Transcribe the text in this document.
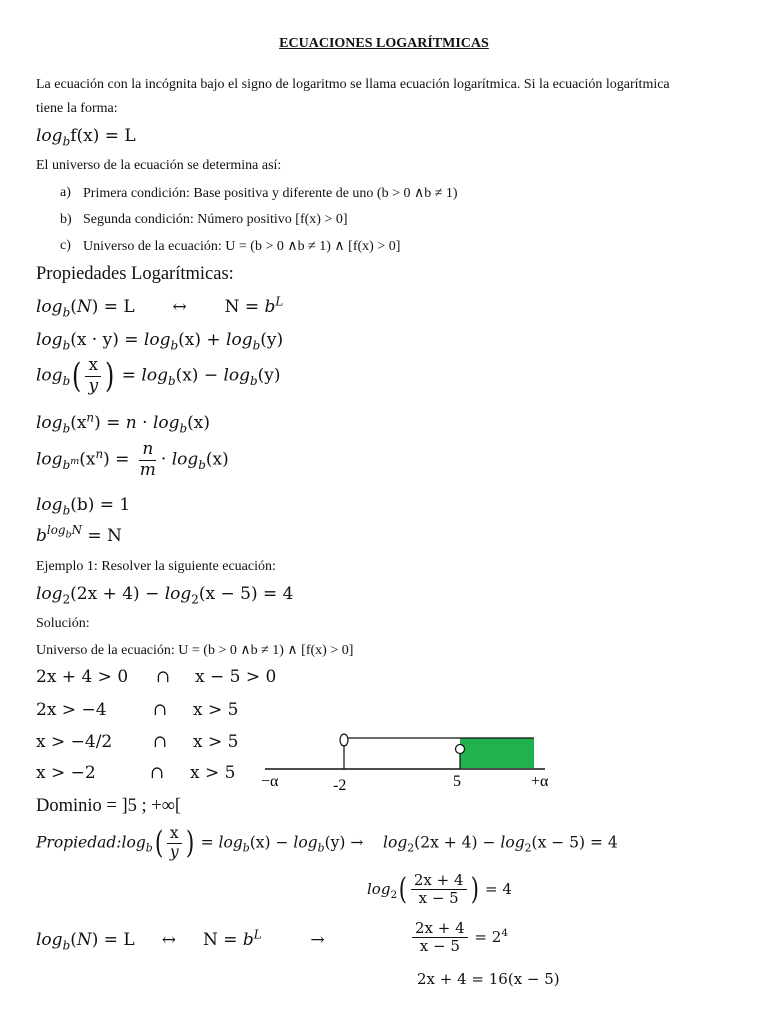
ECUACIONES LOGARÍTMICAS
La ecuación con la incógnita bajo el signo de logaritmo se llama ecuación logarítmica. Si la ecuación logarítmica
tiene la forma:
$\log_bf(x) = L$
El universo de la ecuación se determina así:
a) Primera condición: Base positiva y diferente de uno (b > 0 ∧b ≠ 1)
b) Segunda condición: Número positivo [f(x) > 0]
c) Universo de la ecuación: U = (b > 0 ∧b ≠ 1) ∧ [f(x) > 0]
Propiedades Logarítmicas:
$\log_b(N) = L$       ↔       $N = b^L$
$\log_b(x \cdot y) = \log_b(x) + \log_b(y)$
$\log_b( \frac{x}{y}$ ) = $\log_b(x) - \log_b(y)$
$\log_b(x^n) = n \cdot \log_b(x)$
$\log_{b^m}(x^n) = \frac{n}{m} \cdot \log_b(x)$
$\log_b(b) = 1$
$b^{log_bN} = N$
Ejemplo 1: Resolver la siguiente ecuación:
$\log_2(2x + 4) - \log_2(x - 5) = 4$
Solución:
Universo de la ecuación: U = (b > 0 ∧b ≠ 1) ∧ [f(x) > 0]
2x + 4 > 0 ∩ x − 5 > 0
2x > −4	∩ x > 5
x > −4/2 ∩ x > 5
x > −2	∩ x > 5 −α	-2	5	+α
Dominio = ]5 ; +∞[
$Propiedad:\log_b( \frac{x}{y}$ ) = $\log_b(x) - \log_b(y)$ →    $\log_2(2x + 4) - \log_2(x - 5) = 4$
$\log_2( \frac{2x + 4}{x - 5}$ ) = 4
$\log_b(N) = L$     ↔     $N = b^L$         →	$\frac{2x + 4}{x - 5} = 2^4$
2x + 4 = 16(x − 5)
